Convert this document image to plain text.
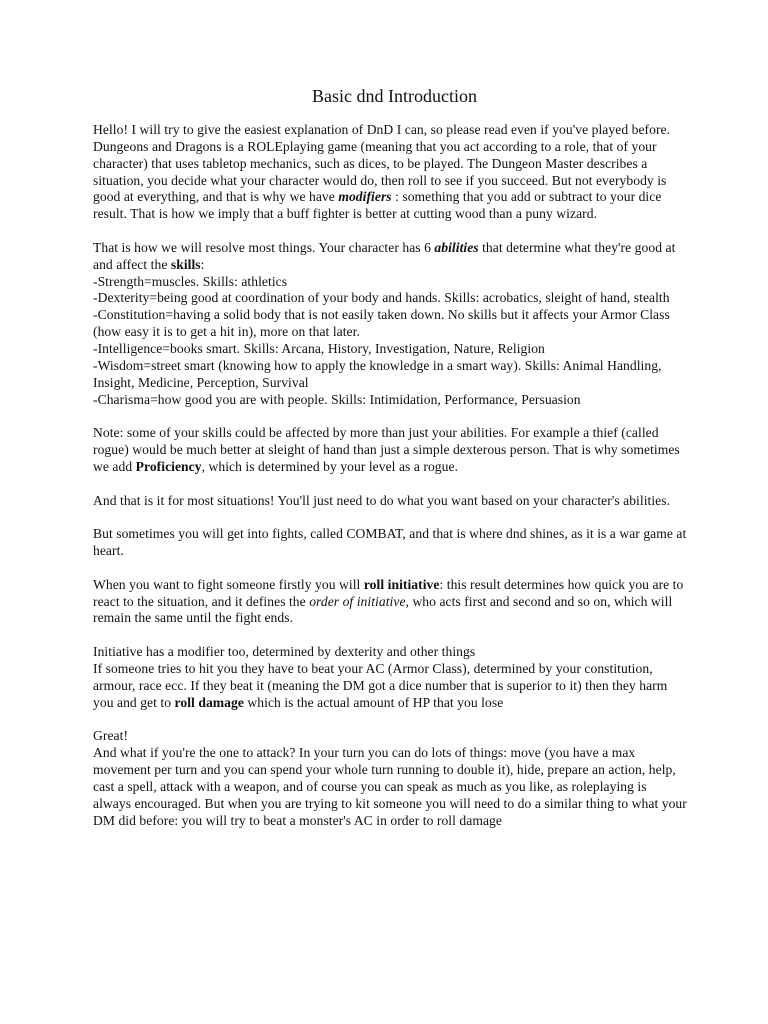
Basic dnd Introduction

Hello! I will try to give the easiest explanation of DnD I can, so please read even if you've played before. Dungeons and Dragons is a ROLEplaying game (meaning that you act according to a role, that of your character) that uses tabletop mechanics, such as dices, to be played. The Dungeon Master describes a situation, you decide what your character would do, then roll to see if you succeed. But not everybody is good at everything, and that is why we have modifiers : something that you add or subtract to your dice result. That is how we imply that a buff fighter is better at cutting wood than a puny wizard.

That is how we will resolve most things. Your character has 6 abilities that determine what they're good at and affect the skills:
-Strength=muscles. Skills: athletics
-Dexterity=being good at coordination of your body and hands. Skills: acrobatics, sleight of hand, stealth
-Constitution=having a solid body that is not easily taken down. No skills but it affects your Armor Class (how easy it is to get a hit in), more on that later.
-Intelligence=books smart. Skills: Arcana, History, Investigation, Nature, Religion
-Wisdom=street smart (knowing how to apply the knowledge in a smart way). Skills: Animal Handling, Insight, Medicine, Perception, Survival
-Charisma=how good you are with people. Skills: Intimidation, Performance, Persuasion

Note: some of your skills could be affected by more than just your abilities. For example a thief (called rogue) would be much better at sleight of hand than just a simple dexterous person. That is why sometimes we add Proficiency, which is determined by your level as a rogue.

And that is it for most situations! You'll just need to do what you want based on your character's abilities.

But sometimes you will get into fights, called COMBAT, and that is where dnd shines, as it is a war game at heart.

When you want to fight someone firstly you will roll initiative: this result determines how quick you are to react to the situation, and it defines the order of initiative, who acts first and second and so on, which will remain the same until the fight ends.

Initiative has a modifier too, determined by dexterity and other things
If someone tries to hit you they have to beat your AC (Armor Class), determined by your constitution, armour, race ecc. If they beat it (meaning the DM got a dice number that is superior to it) then they harm you and get to roll damage which is the actual amount of HP that you lose

Great!
And what if you're the one to attack? In your turn you can do lots of things: move (you have a max movement per turn and you can spend your whole turn running to double it), hide, prepare an action, help, cast a spell, attack with a weapon, and of course you can speak as much as you like, as roleplaying is always encouraged. But when you are trying to kit someone you will need to do a similar thing to what your DM did before: you will try to beat a monster's AC in order to roll damage
